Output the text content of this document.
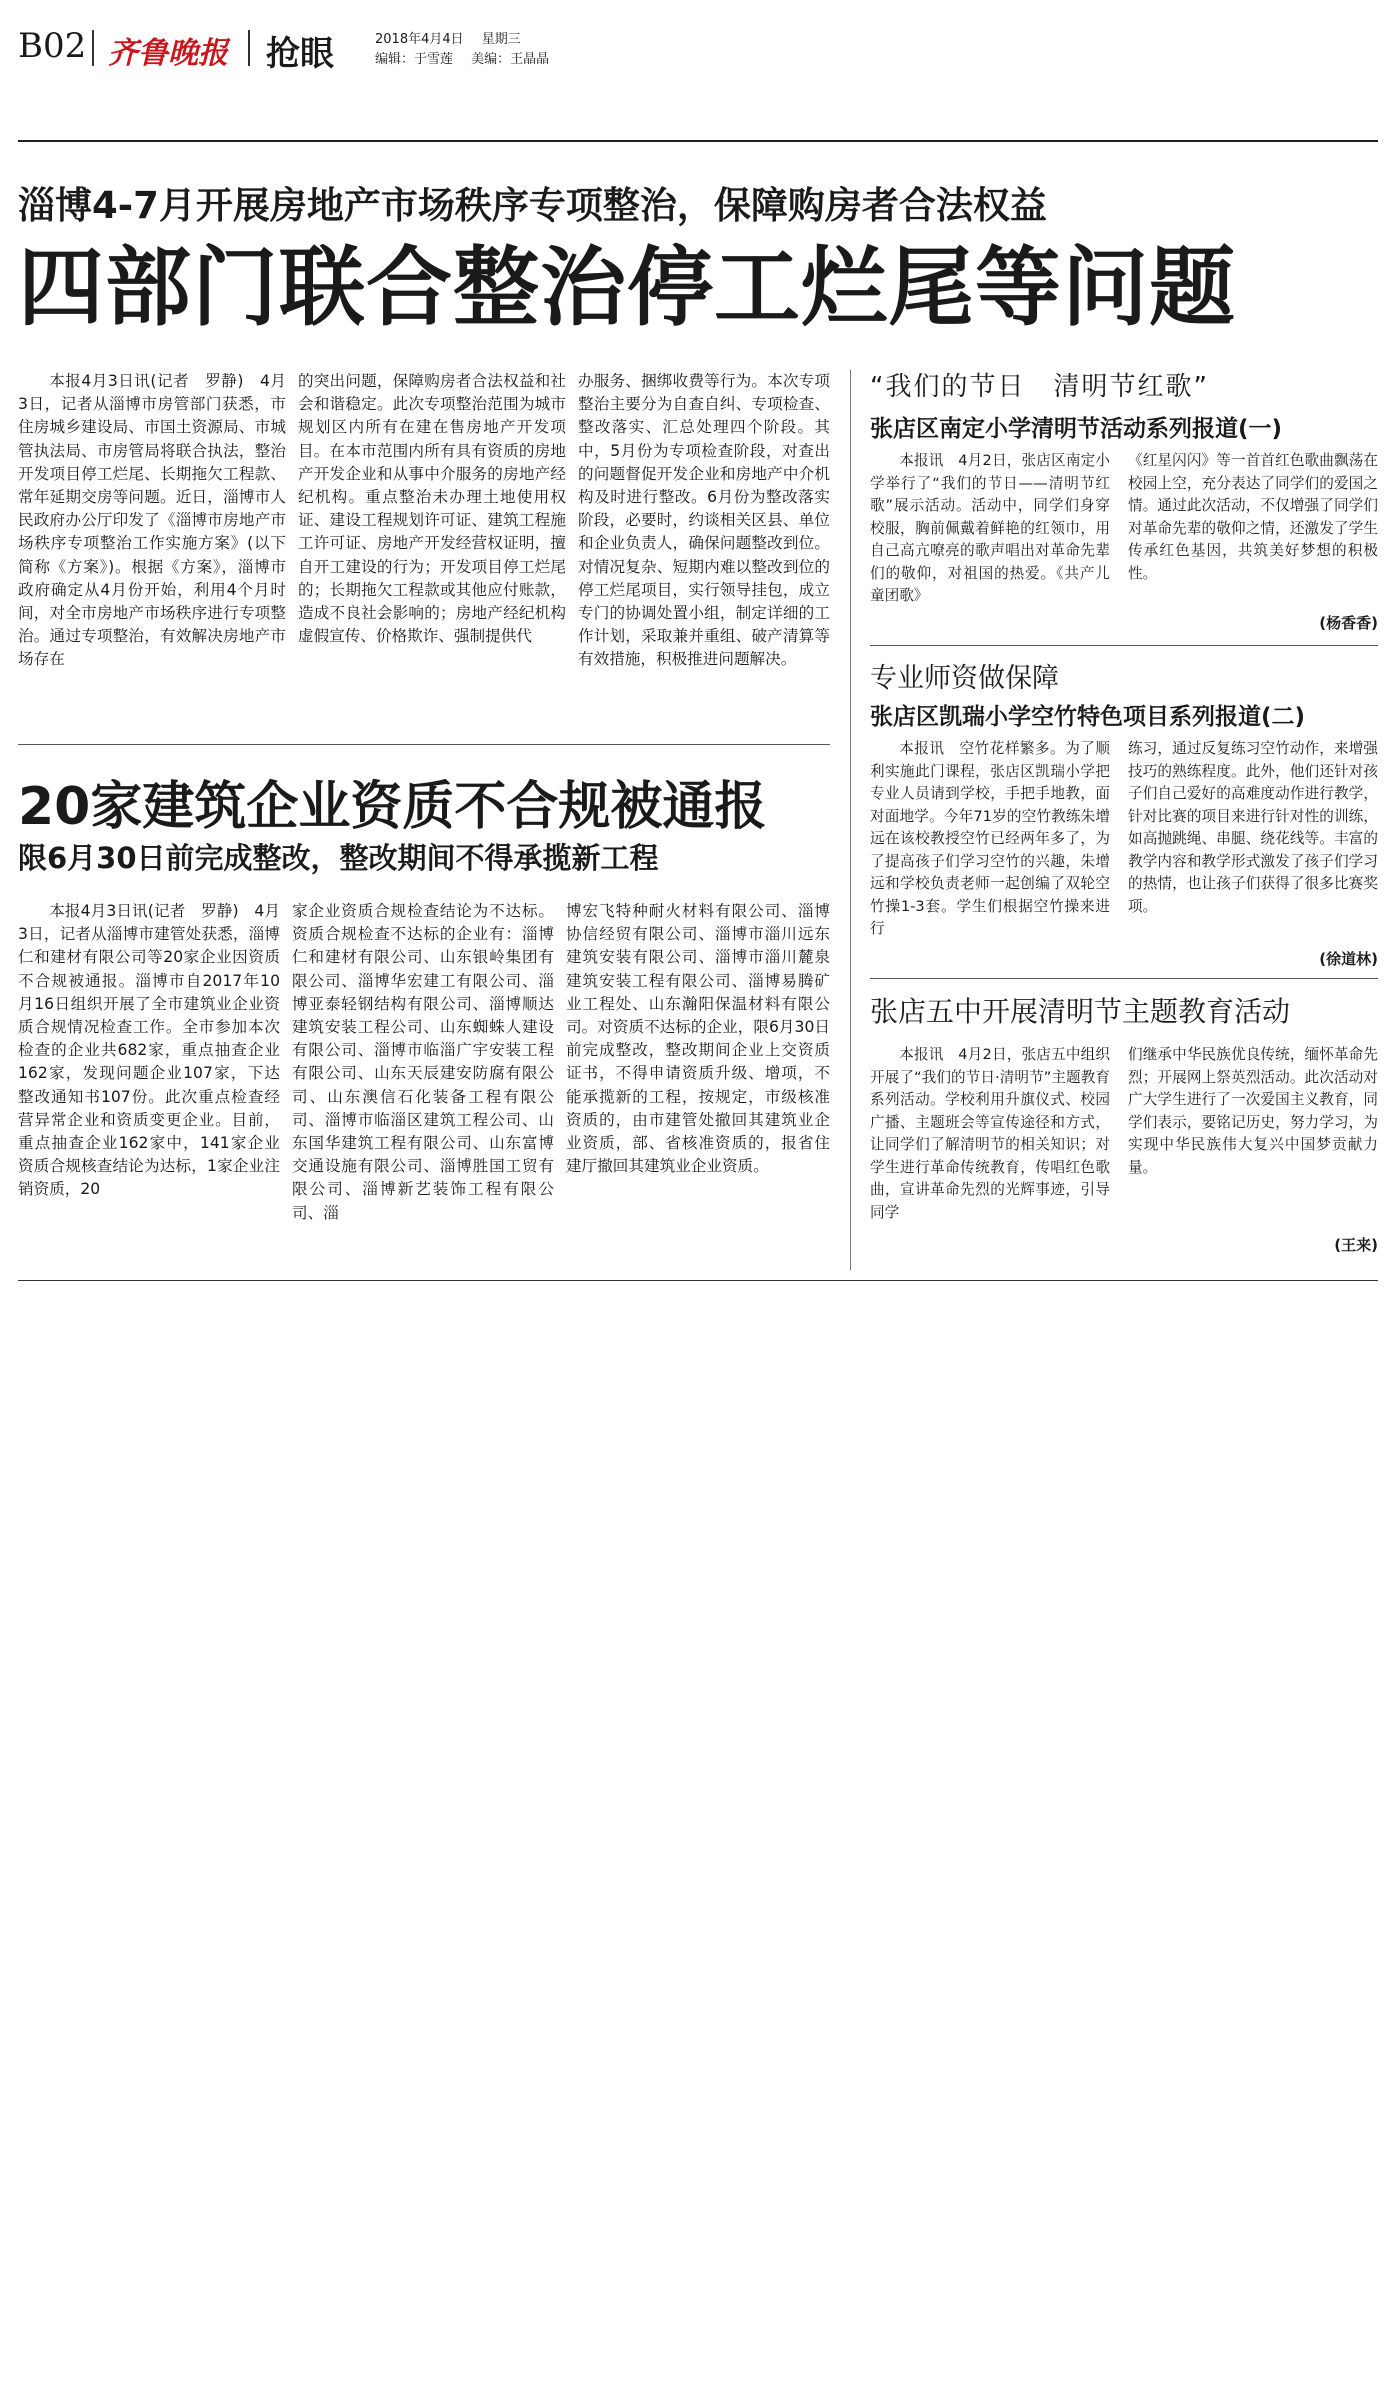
B02 齐鲁晚报 抢眼	2018年4月4日 星期三
编辑：于雪莲 美编：王晶晶
淄博4-7月开展房地产市场秩序专项整治，保障购房者合法权益
四部门联合整治停工烂尾等问题

本报4月3日讯(记者　罗静)　4月3日，记者从淄博市房管部门获悉，市住房城乡建设局、市国土资源局、市城管执法局、市房管局将联合执法，整治开发项目停工烂尾、长期拖欠工程款、常年延期交房等问题。近日，淄博市人民政府办公厅印发了《淄博市房地产市场秩序专项整治工作实施方案》(以下简称《方案》)。根据《方案》，淄博市政府确定从4月份开始，利用4个月时间，对全市房地产市场秩序进行专项整治。通过专项整治，有效解决房地产市场存在

的突出问题，保障购房者合法权益和社会和谐稳定。此次专项整治范围为城市规划区内所有在建在售房地产开发项目。在本市范围内所有具有资质的房地产开发企业和从事中介服务的房地产经纪机构。重点整治未办理土地使用权证、建设工程规划许可证、建筑工程施工许可证、房地产开发经营权证明，擅自开工建设的行为；开发项目停工烂尾的；长期拖欠工程款或其他应付账款，造成不良社会影响的；房地产经纪机构虚假宣传、价格欺诈、强制提供代

办服务、捆绑收费等行为。本次专项整治主要分为自查自纠、专项检查、整改落实、汇总处理四个阶段。其中，5月份为专项检查阶段，对查出的问题督促开发企业和房地产中介机构及时进行整改。6月份为整改落实阶段，必要时，约谈相关区县、单位和企业负责人，确保问题整改到位。对情况复杂、短期内难以整改到位的停工烂尾项目，实行领导挂包，成立专门的协调处置小组，制定详细的工作计划，采取兼并重组、破产清算等有效措施，积极推进问题解决。

20家建筑企业资质不合规被通报
限6月30日前完成整改，整改期间不得承揽新工程

本报4月3日讯(记者　罗静)　4月3日，记者从淄博市建管处获悉，淄博仁和建材有限公司等20家企业因资质不合规被通报。淄博市自2017年10月16日组织开展了全市建筑业企业资质合规情况检查工作。全市参加本次检查的企业共682家，重点抽查企业162家，发现问题企业107家，下达整改通知书107份。此次重点检查经营异常企业和资质变更企业。目前，重点抽查企业162家中，141家企业资质合规核查结论为达标，1家企业注销资质，20

家企业资质合规检查结论为不达标。资质合规检查不达标的企业有：淄博仁和建材有限公司、山东银岭集团有限公司、淄博华宏建工有限公司、淄博亚泰轻钢结构有限公司、淄博顺达建筑安装工程公司、山东蜘蛛人建设有限公司、淄博市临淄广宇安装工程有限公司、山东天辰建安防腐有限公司、山东澳信石化装备工程有限公司、淄博市临淄区建筑工程公司、山东国华建筑工程有限公司、山东富博交通设施有限公司、淄博胜国工贸有限公司、淄博新艺装饰工程有限公司、淄

博宏飞特种耐火材料有限公司、淄博协信经贸有限公司、淄博市淄川远东建筑安装有限公司、淄博市淄川麓泉建筑安装工程有限公司、淄博易腾矿业工程处、山东瀚阳保温材料有限公司。对资质不达标的企业，限6月30日前完成整改，整改期间企业上交资质证书，不得申请资质升级、增项，不能承揽新的工程，按规定，市级核准资质的，由市建管处撤回其建筑业企业资质，部、省核准资质的，报省住建厅撤回其建筑业企业资质。

“我们的节日　清明节红歌”
张店区南定小学清明节活动系列报道(一)

本报讯　4月2日，张店区南定小学举行了“我们的节日——清明节红歌”展示活动。活动中，同学们身穿校服，胸前佩戴着鲜艳的红领巾，用自己高亢嘹亮的歌声唱出对革命先辈们的敬仰，对祖国的热爱。《共产儿童团歌》

《红星闪闪》等一首首红色歌曲飘荡在校园上空，充分表达了同学们的爱国之情。通过此次活动，不仅增强了同学们对革命先辈的敬仰之情，还激发了学生传承红色基因，共筑美好梦想的积极性。

(杨香香)
专业师资做保障
张店区凯瑞小学空竹特色项目系列报道(二)

本报讯　空竹花样繁多。为了顺利实施此门课程，张店区凯瑞小学把专业人员请到学校，手把手地教，面对面地学。今年71岁的空竹教练朱增远在该校教授空竹已经两年多了，为了提高孩子们学习空竹的兴趣，朱增远和学校负责老师一起创编了双轮空竹操1-3套。学生们根据空竹操来进行

练习，通过反复练习空竹动作，来增强技巧的熟练程度。此外，他们还针对孩子们自己爱好的高难度动作进行教学，针对比赛的项目来进行针对性的训练，如高抛跳绳、串腿、绕花线等。丰富的教学内容和教学形式激发了孩子们学习的热情，也让孩子们获得了很多比赛奖项。

(徐道林)
张店五中开展清明节主题教育活动

本报讯　4月2日，张店五中组织开展了“我们的节日·清明节”主题教育系列活动。学校利用升旗仪式、校园广播、主题班会等宣传途径和方式，让同学们了解清明节的相关知识；对学生进行革命传统教育，传唱红色歌曲，宣讲革命先烈的光辉事迹，引导同学

们继承中华民族优良传统，缅怀革命先烈；开展网上祭英烈活动。此次活动对广大学生进行了一次爱国主义教育，同学们表示，要铭记历史，努力学习，为实现中华民族伟大复兴中国梦贡献力量。

(王来)
